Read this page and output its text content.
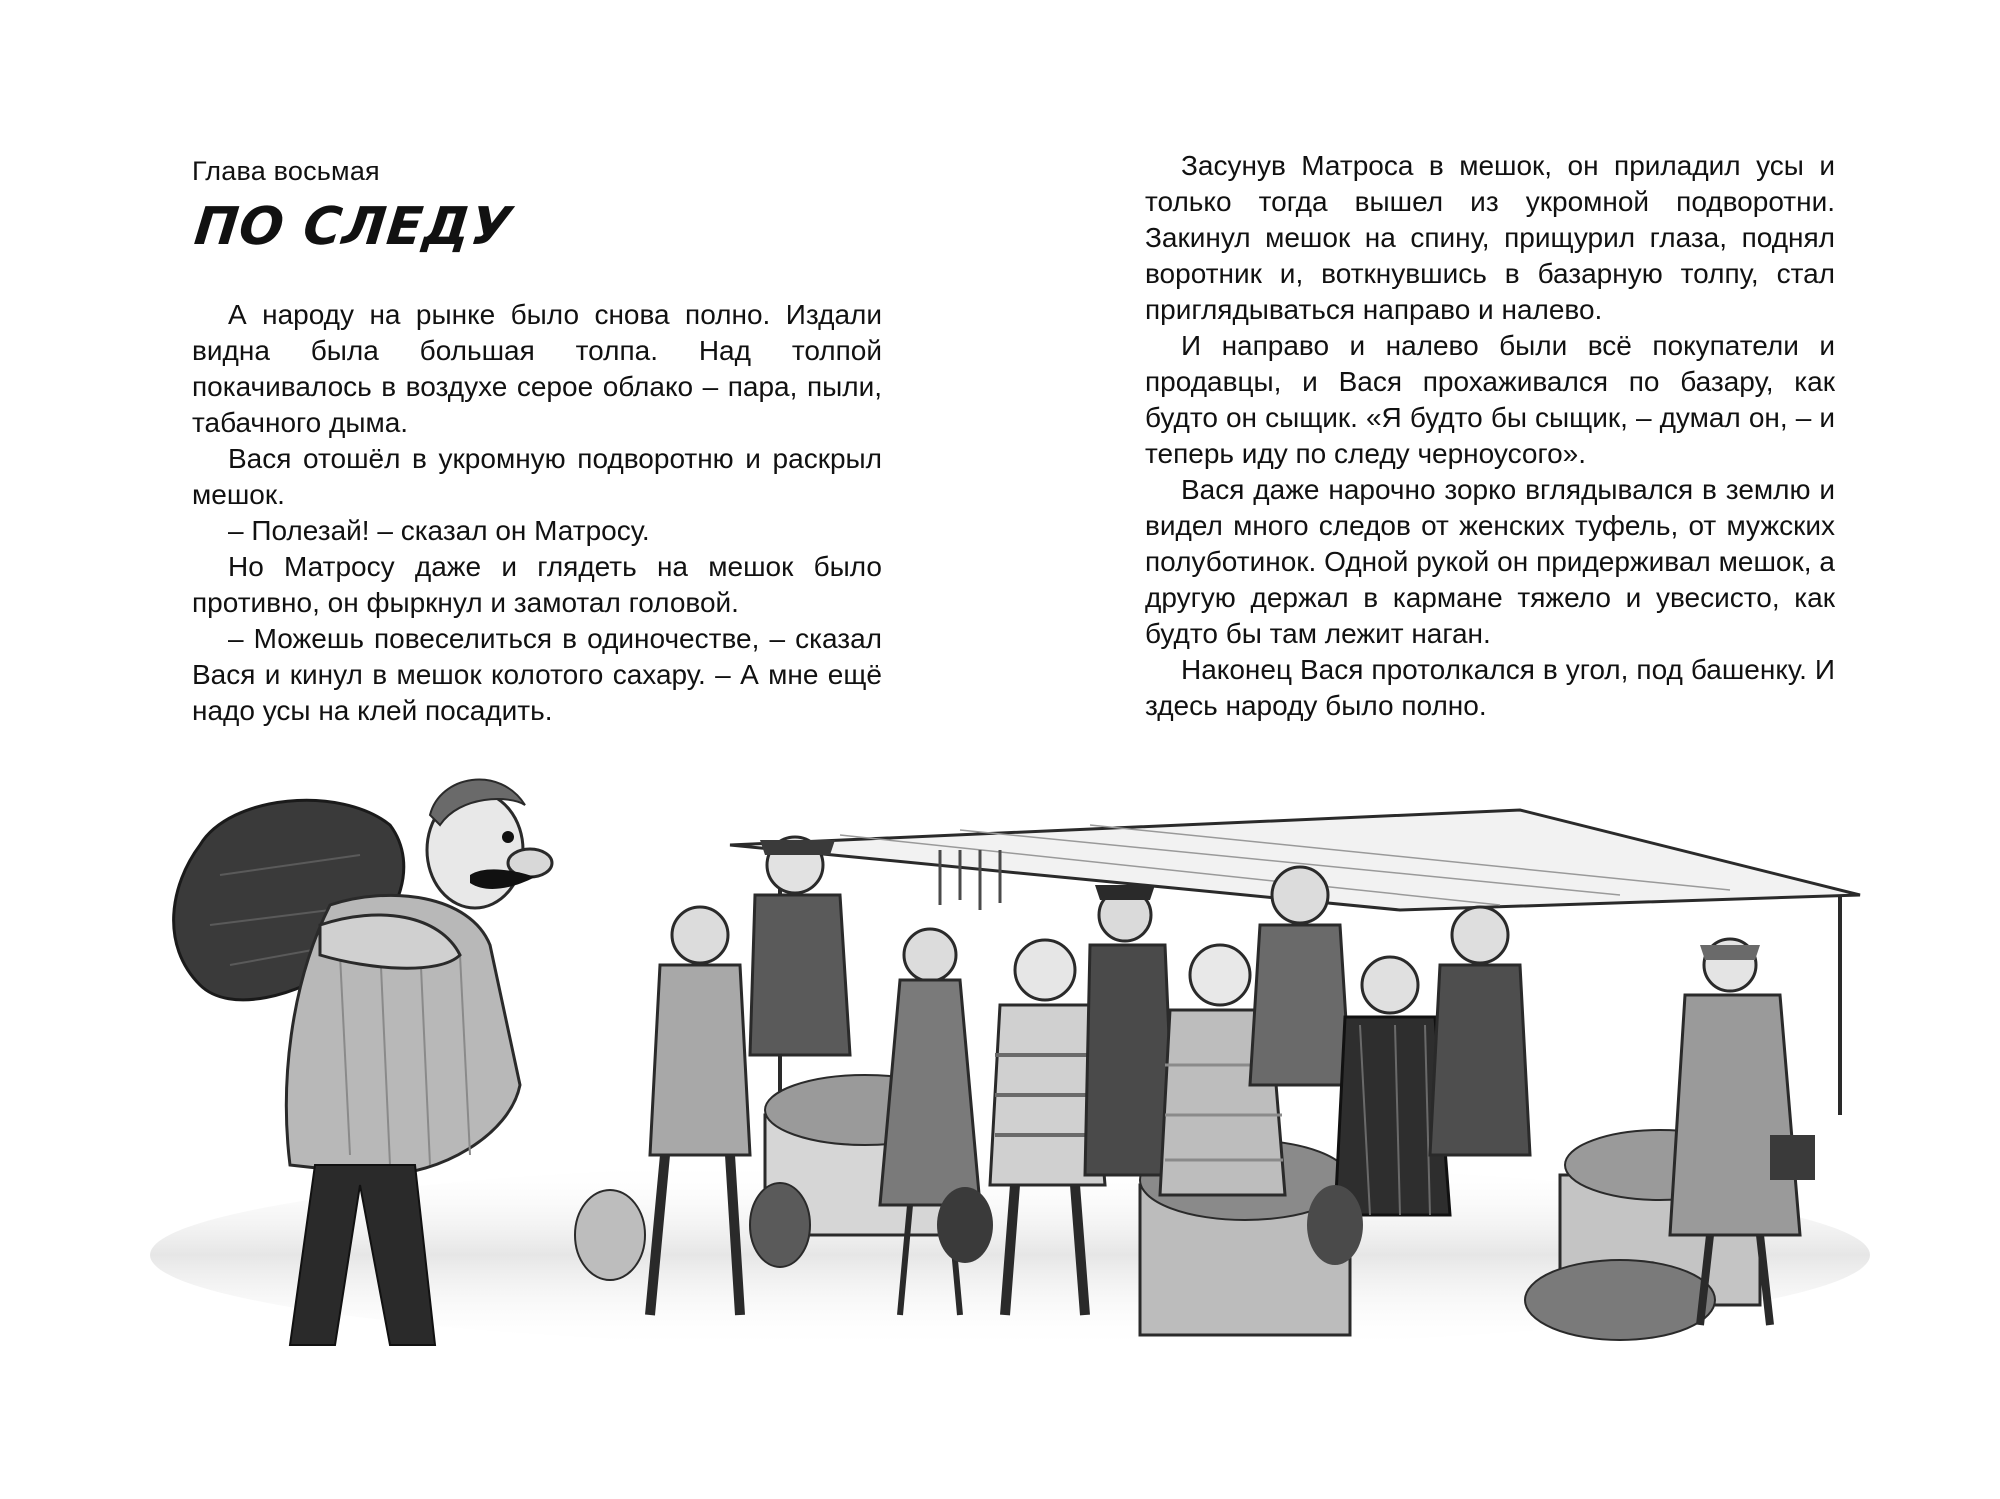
Глава восьмая
ПО СЛЕДУ

А народу на рынке было снова полно. Издали видна была большая толпа. Над толпой покачивалось в воздухе серое облако – пара, пыли, табачного дыма.

Вася отошёл в укромную подворотню и раскрыл мешок.

– Полезай! – сказал он Матросу.

Но Матросу даже и глядеть на мешок было противно, он фыркнул и замотал головой.

– Можешь повеселиться в одиночестве, – сказал Вася и кинул в мешок колотого сахару. – А мне ещё надо усы на клей посадить.

Засунув Матроса в мешок, он приладил усы и только тогда вышел из укромной подворотни. Закинул мешок на спину, прищурил глаза, поднял воротник и, воткнувшись в базарную толпу, стал приглядываться направо и налево.

И направо и налево были всё покупатели и продавцы, и Вася прохаживался по базару, как будто он сыщик. «Я будто бы сыщик, – думал он, – и теперь иду по следу черноусого».

Вася даже нарочно зорко вглядывался в землю и видел много следов от женских туфель, от мужских полуботинок. Одной рукой он придерживал мешок, а другую держал в кармане тяжело и увесисто, как будто бы там лежит наган.

Наконец Вася протолкался в угол, под башенку. И здесь народу было полно.
